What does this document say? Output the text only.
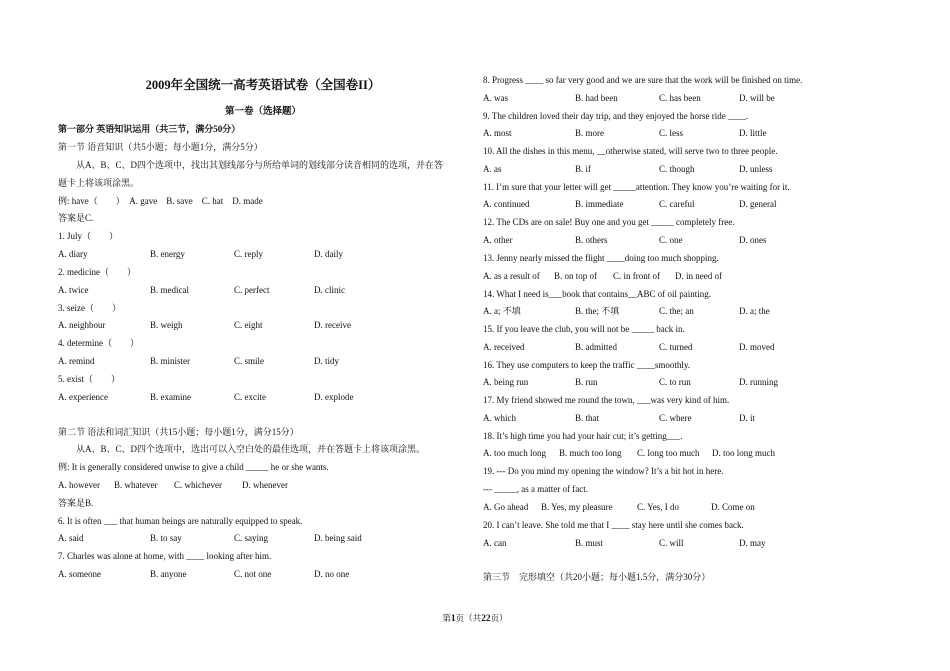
2009年全国统一高考英语试卷（全国卷II）
第一卷（选择题）
第一部分 英语知识运用（共三节，满分50分）
第一节 语音知识（共5小题；每小题1分，满分5分）
从A、B、C、D四个选项中，找出其划线部分与所给单词的划线部分读音相同的选项，并在答
题卡上将该项涂黑。
例: have（　　）　A. gave　B. save　C. hat　D. made
答案是C.
1. July（　　）
A. diary	B. energy	C. reply	D. daily
2. medicine（　　）
A. twice	B. medical	C. perfect	D. clinic
3. seize（　　）
A. neighbour	B. weigh	C. eight	D. receive
4. determine（　　）
A. remind	B. minister	C. smile	D. tidy
5. exist（　　）
A. experience	B. examine	C. excite	D. explode
第二节 语法和词汇知识（共15小题；每小题1分，满分15分）
从A、B、C、D四个选项中，选出可以入空白处的最佳选项，并在答题卡上将该项涂黑。
例: It is generally considered unwise to give a child _____ he or she wants.
A. however B. whatever C. whichever D. whenever
答案是B.
6. It is often ___ that human beings are naturally equipped to speak.
A. said	B. to say	C. saying	D. being said
7. Charles was alone at home, with ____ looking after him.
A. someone	B. anyone	C. not one	D. no one
8. Progress ____ so far very good and we are sure that the work will be finished on time.
A. was	B. had been	C. has been	D. will be
9. The children loved their day trip, and they enjoyed the horse ride ____.
A. most	B. more	C. less	D. little
10. All the dishes in this menu, __otherwise stated, will serve two to three people.
A. as	B. if	C. though	D. unless
11. I’m sure that your letter will get _____attention. They know you’re waiting for it.
A. continued	B. immediate	C. careful	D. general
12. The CDs are on sale! Buy one and you get _____ completely free.
A. other	B. others	C. one	D. ones
13. Jenny nearly missed the flight ____doing too much shopping.
A. as a result of B. on top of C. in front of D. in need of
14. What I need is___book that contains__ABC of oil painting.
A. a; 不填	B. the; 不填	C. the; an	D. a; the
15. If you leave the club, you will not be _____ back in.
A. received	B. admitted	C. turned	D. moved
16. They use computers to keep the traffic ____smoothly.
A. being run	B. run	C. to run	D. running
17. My friend showed me round the town, ___was very kind of him.
A. which	B. that	C. where	D. it
18. It’s high time you had your hair cut; it’s getting___.
A. too much long B. much too long C. long too much D. too long much
19. --- Do you mind my opening the window? It’s a bit hot in here.
--- _____, as a matter of fact.
A. Go ahead B. Yes, my pleasure	C. Yes, I do	D. Come on
20. I can’t leave. She told me that I ____ stay here until she comes back.
A. can	B. must	C. will	D. may
第三节　完形填空（共20小题；每小题1.5分，满分30分）
第1页（共22页）
